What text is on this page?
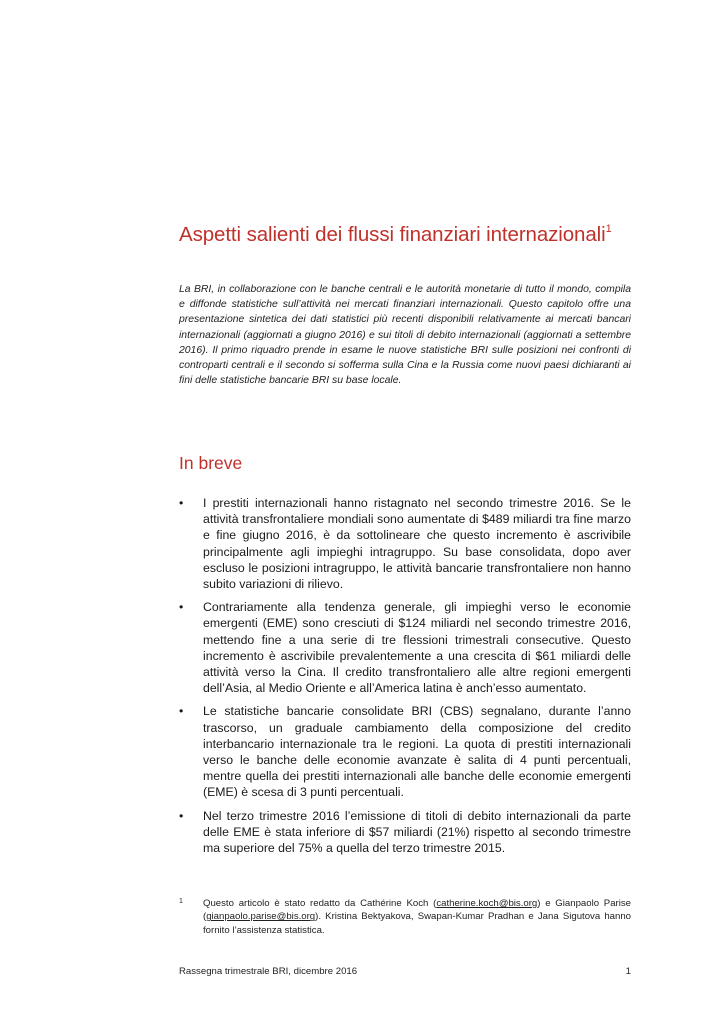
Aspetti salienti dei flussi finanziari internazionali$^1$

La BRI, in collaborazione con le banche centrali e le autorità monetarie di tutto il mondo, compila e diffonde statistiche sull’attività nei mercati finanziari internazionali. Questo capitolo offre una presentazione sintetica dei dati statistici più recenti disponibili relativamente ai mercati bancari internazionali (aggiornati a giugno 2016) e sui titoli di debito internazionali (aggiornati a settembre 2016). Il primo riquadro prende in esame le nuove statistiche BRI sulle posizioni nei confronti di controparti centrali e il secondo si sofferma sulla Cina e la Russia come nuovi paesi dichiaranti ai fini delle statistiche bancarie BRI su base locale.

In breve
• I prestiti internazionali hanno ristagnato nel secondo trimestre 2016. Se le attività transfrontaliere mondiali sono aumentate di $489 miliardi tra fine marzo e fine giugno 2016, è da sottolineare che questo incremento è ascrivibile principalmente agli impieghi intragruppo. Su base consolidata, dopo aver escluso le posizioni intragruppo, le attività bancarie transfrontaliere non hanno subito variazioni di rilievo.
• Contrariamente alla tendenza generale, gli impieghi verso le economie emergenti (EME) sono cresciuti di $124 miliardi nel secondo trimestre 2016, mettendo fine a una serie di tre flessioni trimestrali consecutive. Questo incremento è ascrivibile prevalentemente a una crescita di $61 miliardi delle attività verso la Cina. Il credito transfrontaliero alle altre regioni emergenti dell’Asia, al Medio Oriente e all’America latina è anch’esso aumentato.
• Le statistiche bancarie consolidate BRI (CBS) segnalano, durante l’anno trascorso, un graduale cambiamento della composizione del credito interbancario internazionale tra le regioni. La quota di prestiti internazionali verso le banche delle economie avanzate è salita di 4 punti percentuali, mentre quella dei prestiti internazionali alle banche delle economie emergenti (EME) è scesa di 3 punti percentuali.
• Nel terzo trimestre 2016 l’emissione di titoli di debito internazionali da parte delle EME è stata inferiore di $57 miliardi (21%) rispetto al secondo trimestre ma superiore del 75% a quella del terzo trimestre 2015.
1 Questo articolo è stato redatto da Cathérine Koch (catherine.koch@bis.org) e Gianpaolo Parise (gianpaolo.parise@bis.org). Kristina Bektyakova, Swapan-Kumar Pradhan e Jana Sigutova hanno fornito l’assistenza statistica.
Rassegna trimestrale BRI, dicembre 2016	1
